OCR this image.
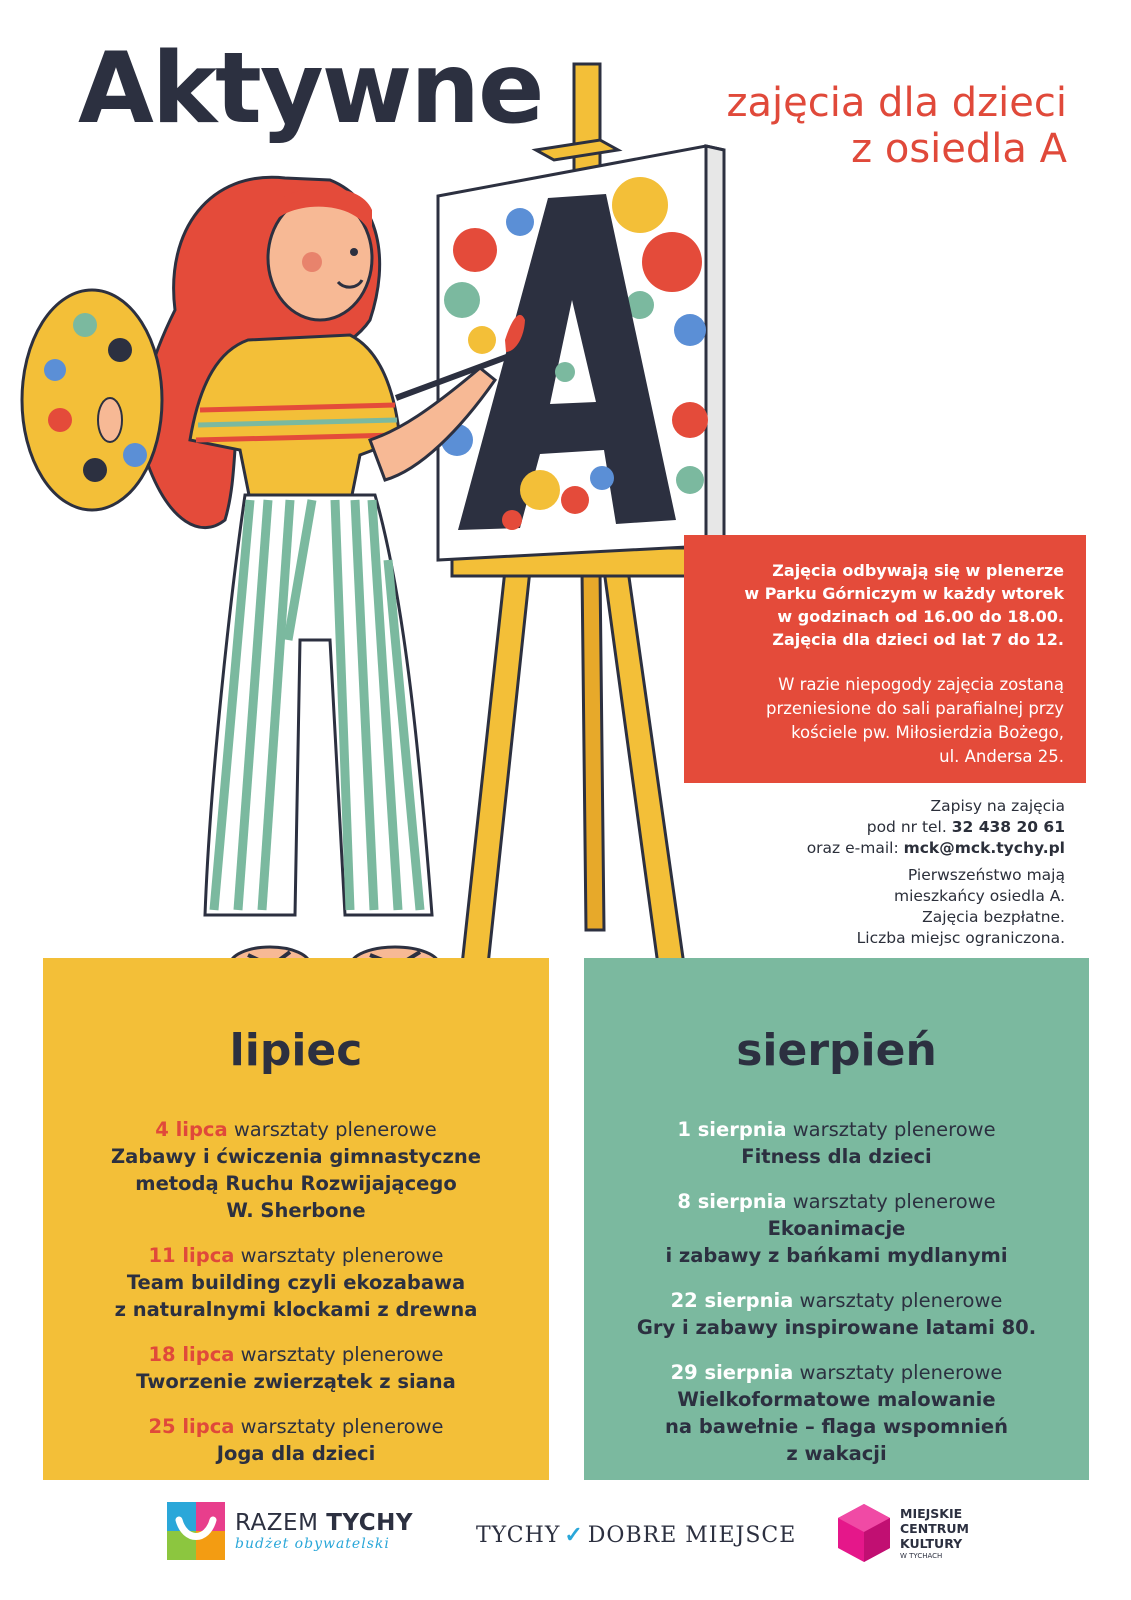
Aktywne	zajęcia dla dzieci
z osiedla A
A
Zajęcia odbywają się w plenerze
w Parku Górniczym w każdy wtorek
w godzinach od 16.00 do 18.00.
Zajęcia dla dzieci od lat 7 do 12.
W razie niepogody zajęcia zostaną
przeniesione do sali parafialnej przy
kościele pw. Miłosierdzia Bożego,
ul. Andersa 25.
Zapisy na zajęcia
pod nr tel. 32 438 20 61
oraz e-mail: mck@mck.tychy.pl
Pierwszeństwo mają
mieszkańcy osiedla A.
Zajęcia bezpłatne.
Liczba miejsc ograniczona.
lipiec
4 lipca warsztaty plenerowe
Zabawy i ćwiczenia gimnastyczne
metodą Ruchu Rozwijającego
W. Sherbone
11 lipca warsztaty plenerowe
Team building czyli ekozabawa
z naturalnymi klockami z drewna
18 lipca warsztaty plenerowe
Tworzenie zwierzątek z siana
25 lipca warsztaty plenerowe
Joga dla dzieci
sierpień
1 sierpnia warsztaty plenerowe
Fitness dla dzieci
8 sierpnia warsztaty plenerowe
Ekoanimacje
i zabawy z bańkami mydlanymi
22 sierpnia warsztaty plenerowe
Gry i zabawy inspirowane latami 80.
29 sierpnia warsztaty plenerowe
Wielkoformatowe malowanie
na bawełnie – flaga wspomnień
z wakacji
RAZEM TYCHY
budżet obywatelski	TYCHY ✓ DOBRE MIEJSCE
MIEJSKIE
CENTRUM
KULTURY
W TYCHACH
